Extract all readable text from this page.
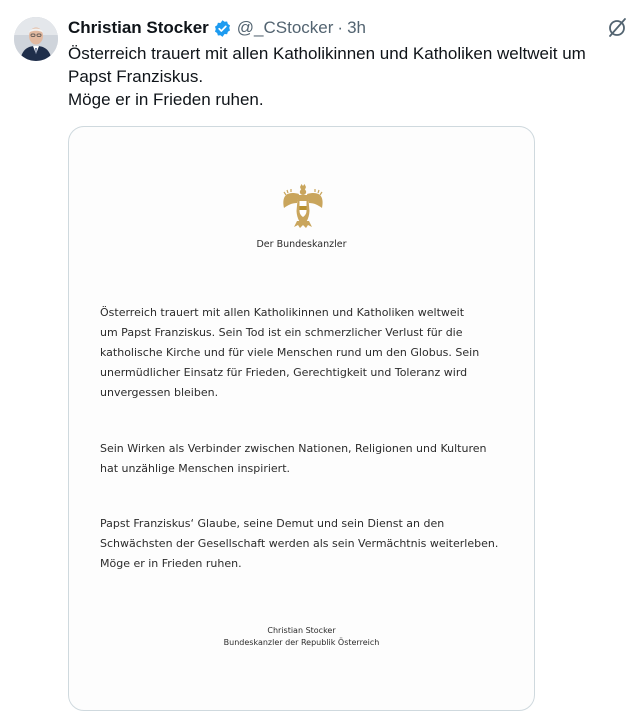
Christian Stocker @_CStocker · 3h
Österreich trauert mit allen Katholikinnen und Katholiken weltweit um
Papst Franziskus.
Möge er in Frieden ruhen.
Der Bundeskanzler
Österreich trauert mit allen Katholikinnen und Katholiken weltweit
um Papst Franziskus. Sein Tod ist ein schmerzlicher Verlust für die
katholische Kirche und für viele Menschen rund um den Globus. Sein
unermüdlicher Einsatz für Frieden, Gerechtigkeit und Toleranz wird
unvergessen bleiben.
Sein Wirken als Verbinder zwischen Nationen, Religionen und Kulturen
hat unzählige Menschen inspiriert.
Papst Franziskus‘ Glaube, seine Demut und sein Dienst an den
Schwächsten der Gesellschaft werden als sein Vermächtnis weiterleben.
Möge er in Frieden ruhen.
Christian Stocker
Bundeskanzler der Republik Österreich
